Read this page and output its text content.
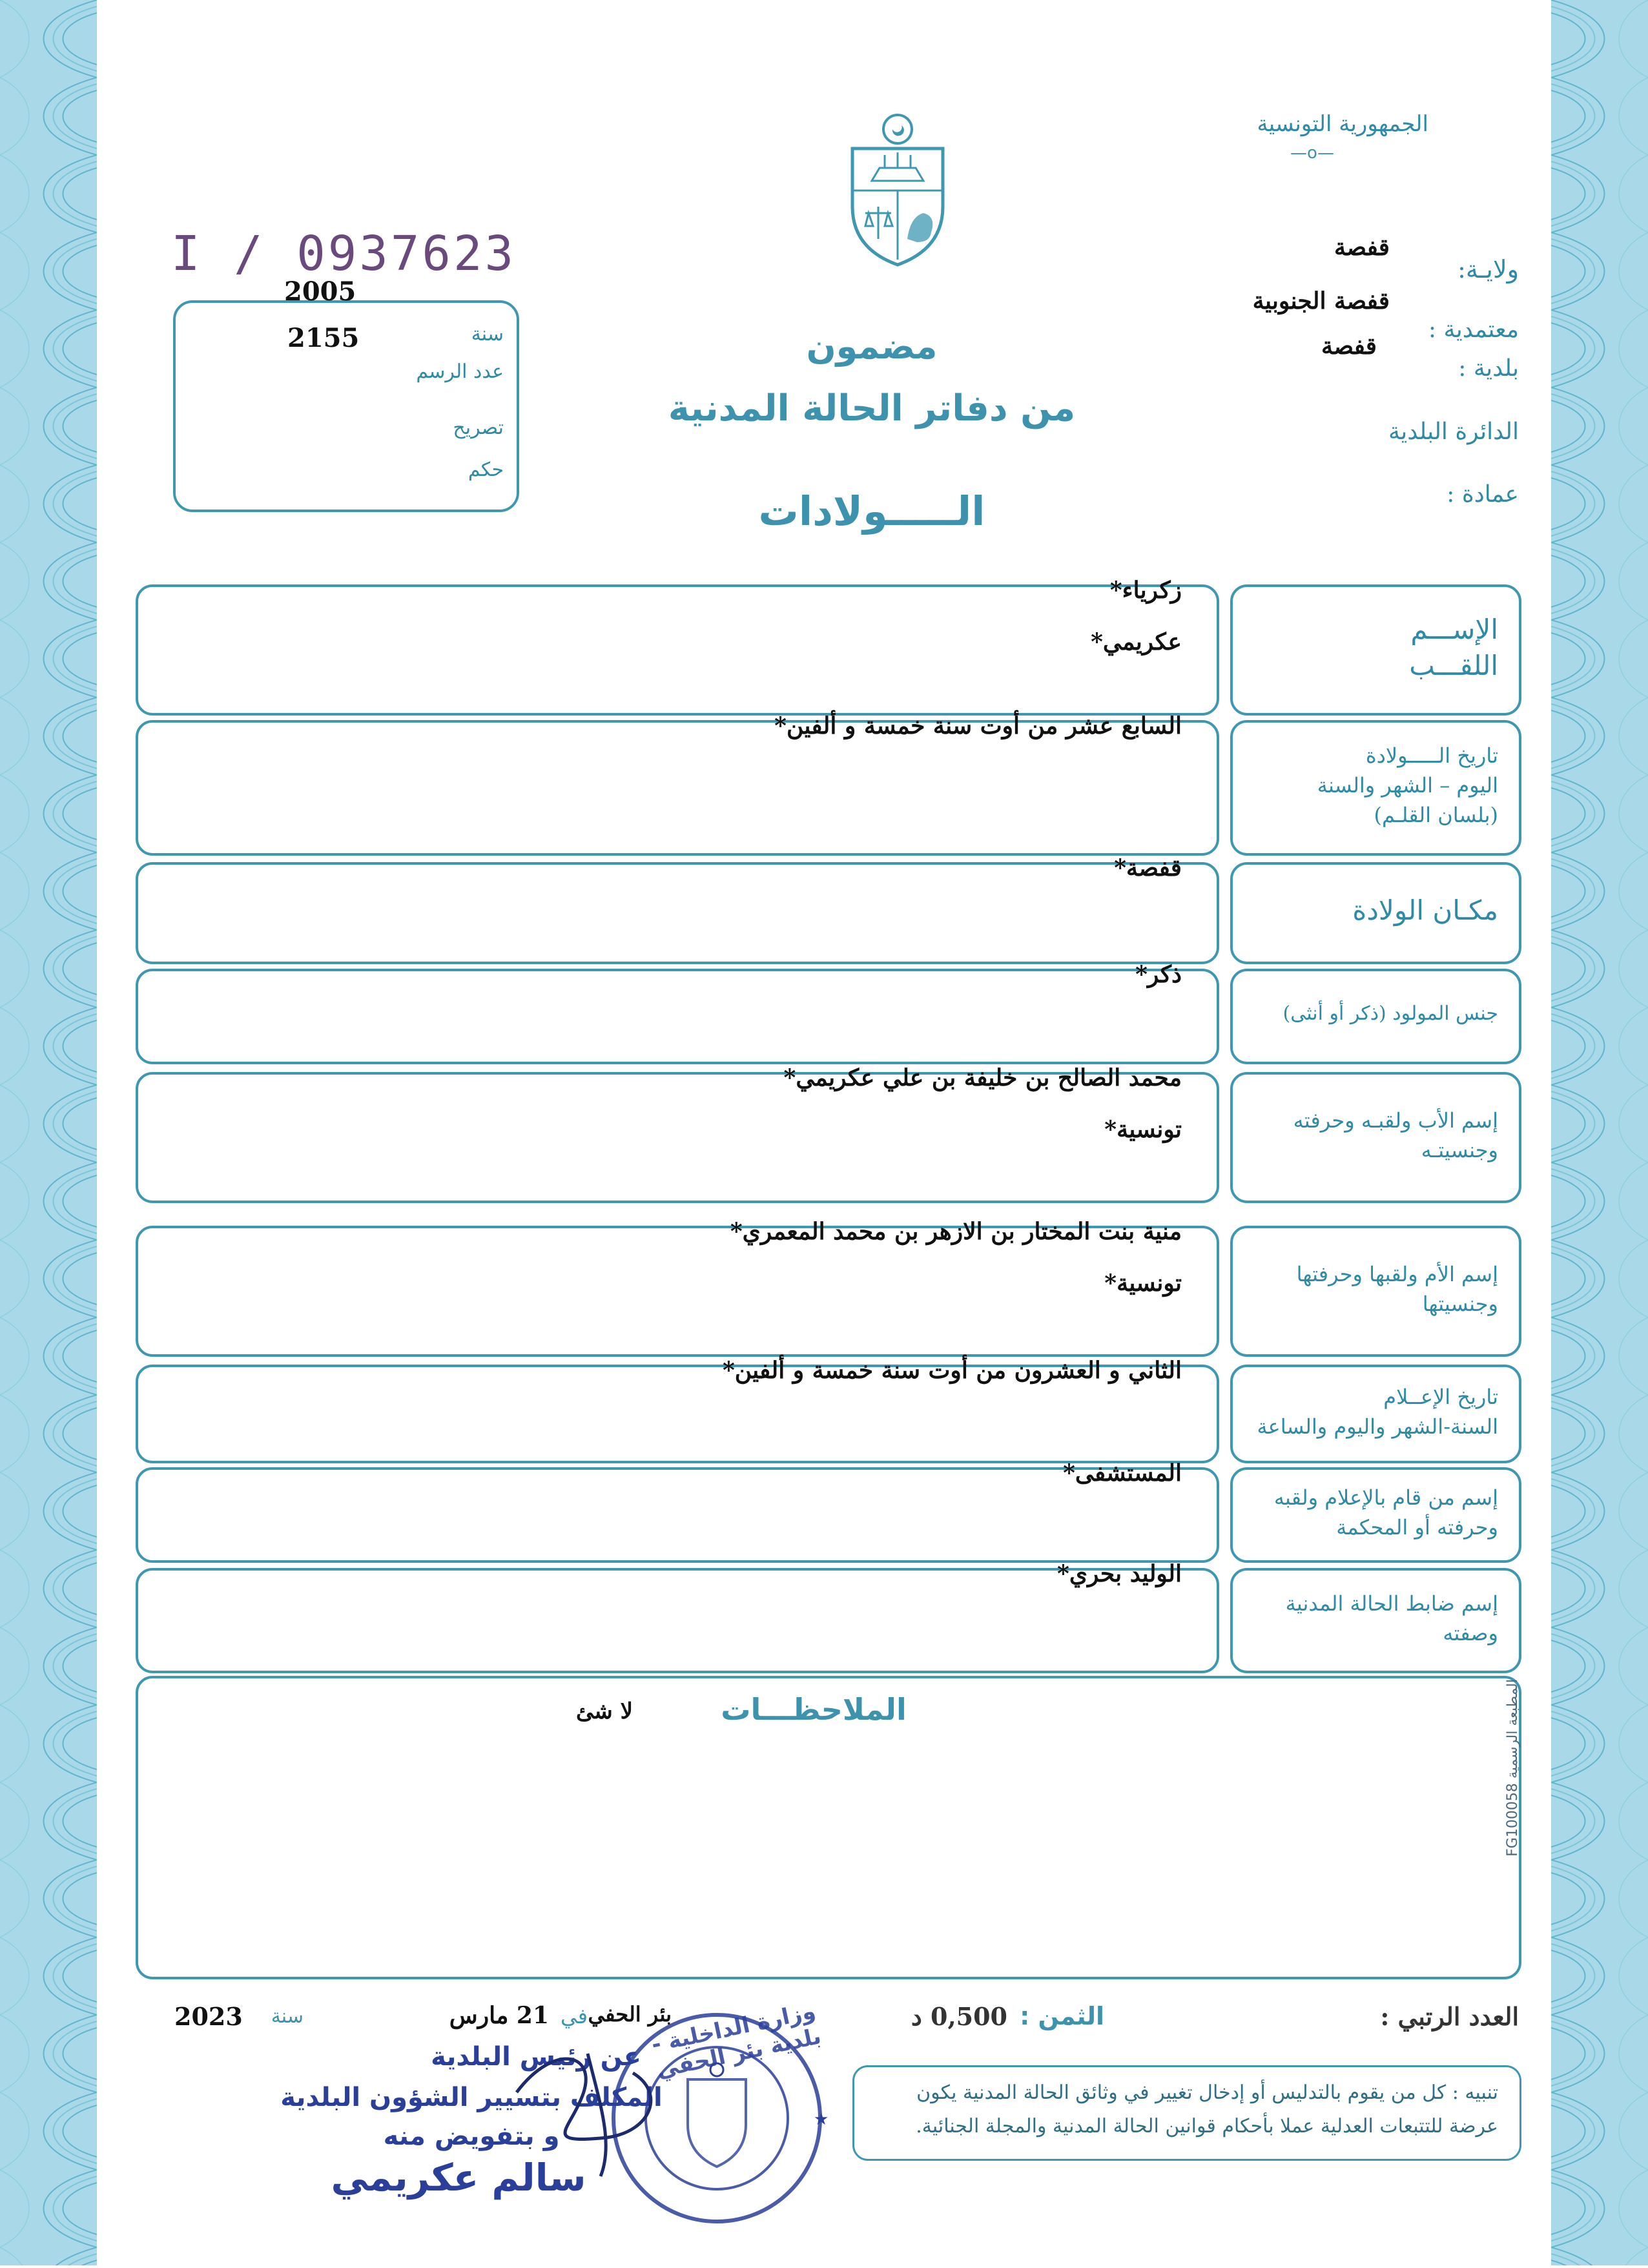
الجمهورية التونسية
—o—
ولايـة:
قفصة
معتمدية :
قفصة الجنوبية
بلدية :
قفصة
الدائرة البلدية
عمادة :
I / 0937623
2005
سنة
2155
عدد الرسم
تصريح
حكم
مضمون
من دفاتر الحالة المدنية
الـــــولادات
الإســـم
اللقـــب
زكرياء*
عكريمي*
تاريخ الـــــولادة
اليوم – الشهر والسنة
(بلسان القلـم)
السابع عشر من أوت سنة خمسة و ألفين*
مكـان الولادة
قفصة*
جنس المولود (ذكر أو أنثى)
ذكر*
إسم الأب ولقبـه وحرفته
وجنسيتـه
محمد الصالح بن خليفة بن علي عكريمي*
تونسية*
إسم الأم ولقبها وحرفتها
وجنسيتها
منية بنت المختار بن الازهر بن محمد المعمري*
تونسية*
تاريخ الإعــلام
السنة-الشهر واليوم والساعة
الثاني و العشرون من أوت سنة خمسة و ألفين*
إسم من قام بالإعلام ولقبه
وحرفته أو المحكمة
المستشفى*
إسم ضابط الحالة المدنية
وصفته
الوليد بحري*
الملاحظـــات
لا شئ
المطبعة الرسمية FG100058
العدد الرتبي :
الثمن :
0,500 د
بئر الحفي
في
21 مارس
سنة
2023
تنبيه : كل من يقوم بالتدليس أو إدخال تغيير في وثائق الحالة المدنية يكون عرضة للتتبعات العدلية عملا بأحكام قوانين الحالة المدنية والمجلة الجنائية.
★
وزارة الداخلية - بلدية بئر الحفي
عن رئيس البلدية
المكلف بتسيير الشؤون البلدية
و بتفويض منه
سالم عكريمي
